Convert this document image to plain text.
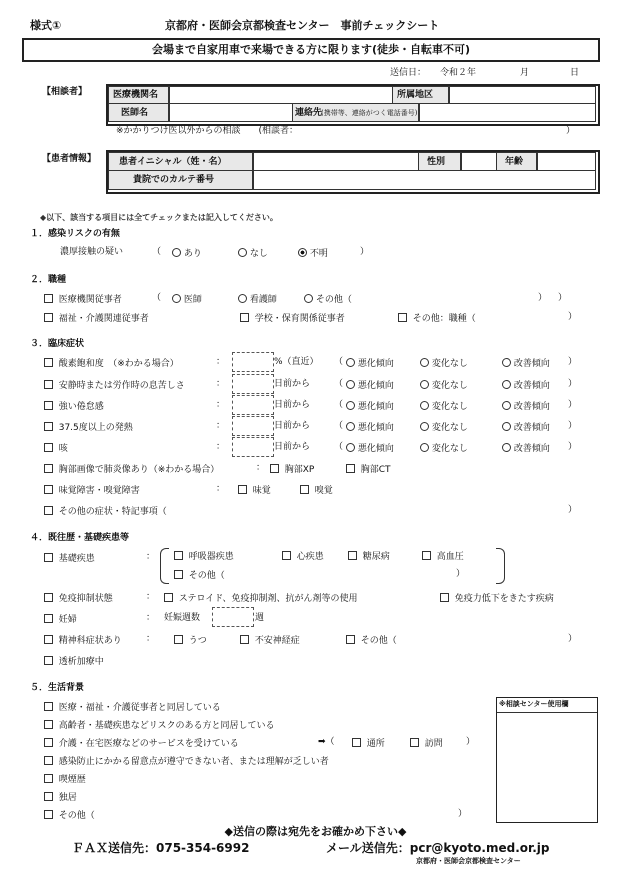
様式①	京都府・医師会京都検査センター　事前チェックシート
会場まで自家用車で来場できる方に限ります(徒歩・自転車不可)
送信日： 令和２年	月	日
【相談者】	医療機関名	所属地区
医師名	連絡先
(携帯等、連絡がつく電話番号)
※かかりつけ医以外からの相談　　(相談者：	）
【患者情報】	患者イニシャル（姓・名）	性別	年齢
貴院でのカルテ番号
◆以下、該当する項目には全てチェックまたは記入してください。
１．感染リスクの有無
濃厚接触の疑い	（	あり	なし	不明	）
２．職種
医療機関従事者	（	医師	看護師	その他（	） ）
福祉・介護関連従事者	学校・保育関係従事者	その他：職種（	）
３．臨床症状
酸素飽和度　（※わかる場合）	：	%（直近） （	悪化傾向	変化なし	改善傾向 ）
安静時または労作時の息苦しさ	：	日前から	（	悪化傾向	変化なし	改善傾向 ）
強い倦怠感	：	日前から	（	悪化傾向	変化なし	改善傾向 ）
37.5度以上の発熱	：	日前から	（	悪化傾向	変化なし	改善傾向 ）
咳	：	日前から	（	悪化傾向	変化なし	改善傾向 ）
胸部画像で肺炎像あり（※わかる場合）	：	胸部XP	胸部CT
味覚障害・嗅覚障害	：	味覚	嗅覚
その他の症状・特記事項（	）
４．既往歴・基礎疾患等
基礎疾患	：	呼吸器疾患	心疾患	糖尿病	高血圧
その他（	）
免疫抑制状態	：	ステロイド、免疫抑制剤、抗がん剤等の使用	免疫力低下をきたす疾病
妊婦	： 妊娠週数	週
精神科症状あり	：	うつ	不安神経症	その他（	）
透析加療中
５．生活背景
医療・福祉・介護従事者と同居している
高齢者・基礎疾患などリスクのある方と同居している
介護・在宅医療などのサービスを受けている	➡（	通所	訪問	）
感染防止にかかる留意点が遵守できない者、または理解が乏しい者
喫煙歴
独居
その他（	）
※相談センター使用欄
◆送信の際は宛先をお確かめ下さい◆
ＦＡＸ送信先：075-354-6992	メール送信先：pcr@kyoto.med.or.jp
京都府・医師会京都検査センター
